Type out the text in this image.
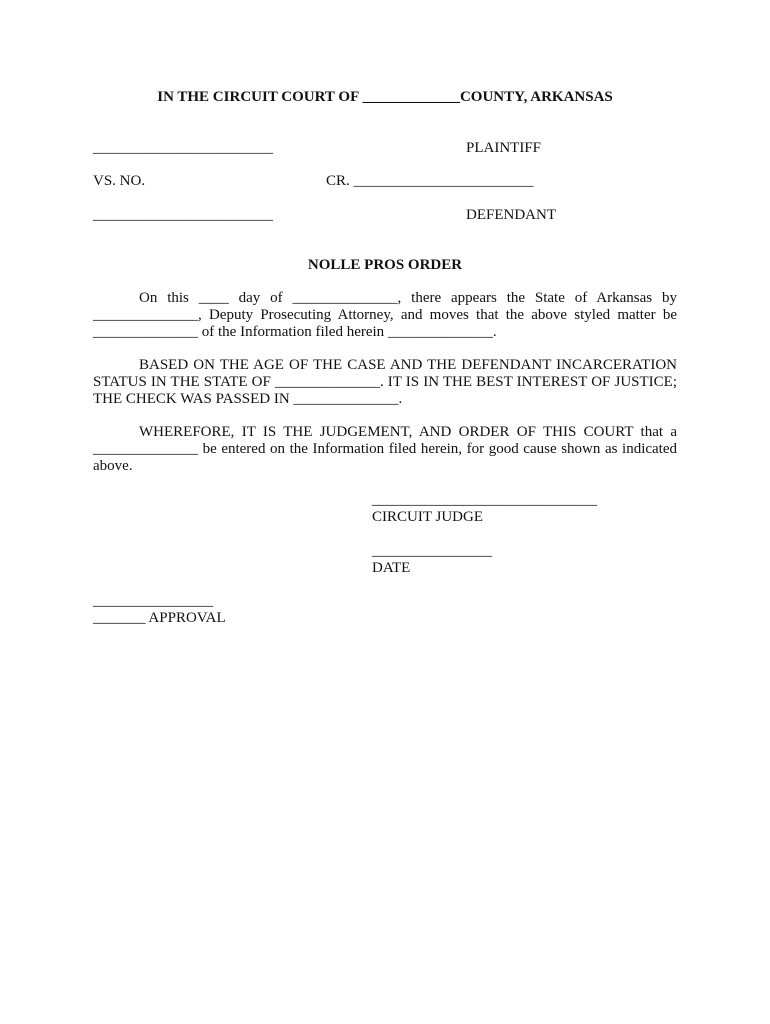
IN THE CIRCUIT COURT OF _____________COUNTY, ARKANSAS
________________________	PLAINTIFF
VS. NO.	CR. ________________________
________________________	DEFENDANT
NOLLE PROS ORDER
On this ____ day of ______________, there appears the State of Arkansas by ______________, Deputy Prosecuting Attorney, and moves that the above styled matter be ______________ of the Information filed herein ______________.
BASED ON THE AGE OF THE CASE AND THE DEFENDANT INCARCERATION STATUS IN THE STATE OF ______________. IT IS IN THE BEST INTEREST OF JUSTICE; THE CHECK WAS PASSED IN ______________.
WHEREFORE, IT IS THE JUDGEMENT, AND ORDER OF THIS COURT that a ______________ be entered on the Information filed herein, for good cause shown as indicated above.
______________________________
CIRCUIT JUDGE
________________
DATE
________________
_______ APPROVAL
